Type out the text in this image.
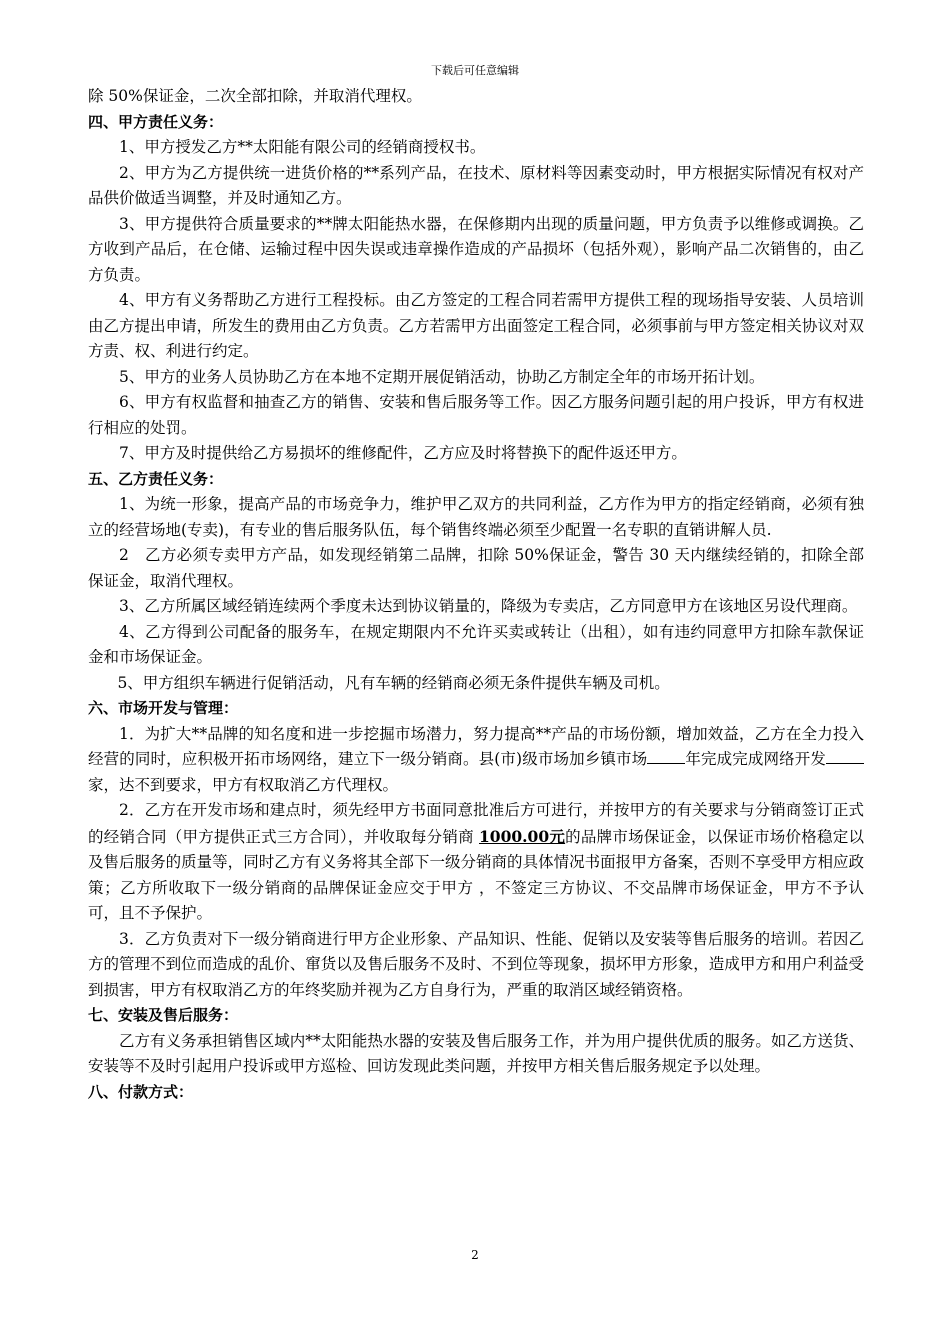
下载后可任意编辑

除 50%保证金，二次全部扣除，并取消代理权。

四、甲方责任义务：

1、甲方授发乙方**太阳能有限公司的经销商授权书。

2、甲方为乙方提供统一进货价格的**系列产品，在技术、原材料等因素变动时，甲方根据实际情况有权对产品供价做适当调整，并及时通知乙方。

3、甲方提供符合质量要求的**牌太阳能热水器，在保修期内出现的质量问题，甲方负责予以维修或调换。乙方收到产品后，在仓储、运输过程中因失误或违章操作造成的产品损坏（包括外观），影响产品二次销售的，由乙方负责。

4、甲方有义务帮助乙方进行工程投标。由乙方签定的工程合同若需甲方提供工程的现场指导安装、人员培训由乙方提出申请，所发生的费用由乙方负责。乙方若需甲方出面签定工程合同，必须事前与甲方签定相关协议对双方责、权、利进行约定。

5、甲方的业务人员协助乙方在本地不定期开展促销活动，协助乙方制定全年的市场开拓计划。

6、甲方有权监督和抽查乙方的销售、安装和售后服务等工作。因乙方服务问题引起的用户投诉，甲方有权进行相应的处罚。

7、甲方及时提供给乙方易损坏的维修配件，乙方应及时将替换下的配件返还甲方。

五、乙方责任义务：

1、为统一形象，提高产品的市场竞争力，维护甲乙双方的共同利益，乙方作为甲方的指定经销商，必须有独立的经营场地(专卖)，有专业的售后服务队伍，每个销售终端必须至少配置一名专职的直销讲解人员.

2　乙方必须专卖甲方产品，如发现经销第二品牌，扣除 50%保证金，警告 30 天内继续经销的，扣除全部保证金，取消代理权。

3、乙方所属区域经销连续两个季度未达到协议销量的，降级为专卖店，乙方同意甲方在该地区另设代理商。

4、乙方得到公司配备的服务车，在规定期限内不允许买卖或转让（出租），如有违约同意甲方扣除车款保证金和市场保证金。

5、甲方组织车辆进行促销活动，凡有车辆的经销商必须无条件提供车辆及司机。

六、市场开发与管理：

1．为扩大**品牌的知名度和进一步挖掘市场潜力，努力提高**产品的市场份额，增加效益，乙方在全力投入经营的同时，应积极开拓市场网络，建立下一级分销商。县(市)级市场加乡镇市场 年完成完成网络开发家，达不到要求，甲方有权取消乙方代理权。

2．乙方在开发市场和建点时，须先经甲方书面同意批准后方可进行，并按甲方的有关要求与分销商签订正式的经销合同（甲方提供正式三方合同），并收取每分销商 1000.00元的品牌市场保证金，以保证市场价格稳定以及售后服务的质量等，同时乙方有义务将其全部下一级分销商的具体情况书面报甲方备案，否则不享受甲方相应政策；乙方所收取下一级分销商的品牌保证金应交于甲方 ，不签定三方协议、不交品牌市场保证金，甲方不予认可，且不予保护。

3．乙方负责对下一级分销商进行甲方企业形象、产品知识、性能、促销以及安装等售后服务的培训。若因乙方的管理不到位而造成的乱价、窜货以及售后服务不及时、不到位等现象，损坏甲方形象，造成甲方和用户利益受到损害，甲方有权取消乙方的年终奖励并视为乙方自身行为，严重的取消区域经销资格。

七、安装及售后服务：

乙方有义务承担销售区域内**太阳能热水器的安装及售后服务工作，并为用户提供优质的服务。如乙方送货、安装等不及时引起用户投诉或甲方巡检、回访发现此类问题，并按甲方相关售后服务规定予以处理。

八、付款方式：

2
